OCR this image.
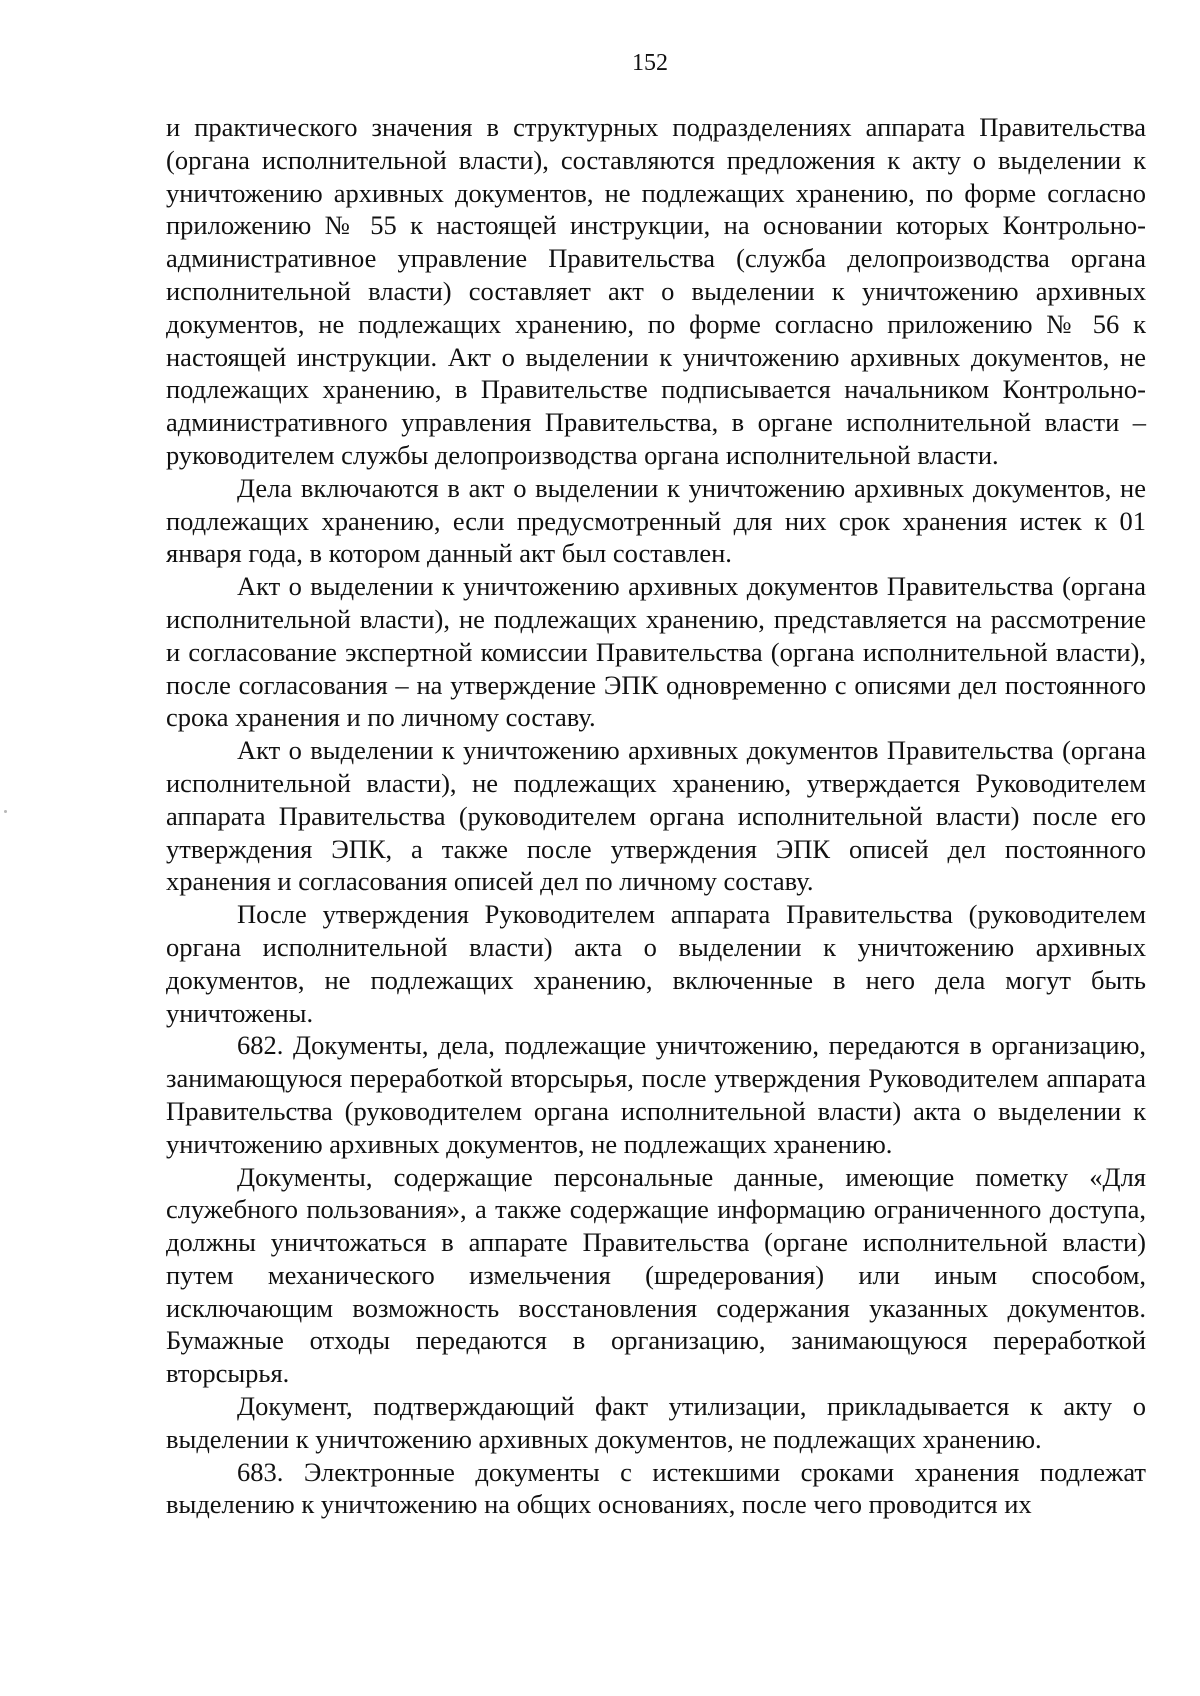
152

и практического значения в структурных подразделениях аппарата Правительства (органа исполнительной власти), составляются предложения к акту о выделении к уничтожению архивных документов, не подлежащих хранению, по форме согласно приложению № 55 к настоящей инструкции, на основании которых Контрольно-административное управление Правительства (служба делопроизводства органа исполнительной власти) составляет акт о выделении к уничтожению архивных документов, не подлежащих хранению, по форме согласно приложению № 56 к настоящей инструкции. Акт о выделении к уничтожению архивных документов, не подлежащих хранению, в Правительстве подписывается начальником Контрольно-административного управления Правительства, в органе исполнительной власти – руководителем службы делопроизводства органа исполнительной власти.

Дела включаются в акт о выделении к уничтожению архивных документов, не подлежащих хранению, если предусмотренный для них срок хранения истек к 01 января года, в котором данный акт был составлен.

Акт о выделении к уничтожению архивных документов Правительства (органа исполнительной власти), не подлежащих хранению, представляется на рассмотрение и согласование экспертной комиссии Правительства (органа исполнительной власти), после согласования – на утверждение ЭПК одновременно с описями дел постоянного срока хранения и по личному составу.

Акт о выделении к уничтожению архивных документов Правительства (органа исполнительной власти), не подлежащих хранению, утверждается Руководителем аппарата Правительства (руководителем органа исполнительной власти) после его утверждения ЭПК, а также после утверждения ЭПК описей дел постоянного хранения и согласования описей дел по личному составу.

После утверждения Руководителем аппарата Правительства (руководителем органа исполнительной власти) акта о выделении к уничтожению архивных документов, не подлежащих хранению, включенные в него дела могут быть уничтожены.

682. Документы, дела, подлежащие уничтожению, передаются в организацию, занимающуюся переработкой вторсырья, после утверждения Руководителем аппарата Правительства (руководителем органа исполнительной власти) акта о выделении к уничтожению архивных документов, не подлежащих хранению.

Документы, содержащие персональные данные, имеющие пометку «Для служебного пользования», а также содержащие информацию ограниченного доступа, должны уничтожаться в аппарате Правительства (органе исполнительной власти) путем механического измельчения (шредерования) или иным способом, исключающим возможность восстановления содержания указанных документов. Бумажные отходы передаются в организацию, занимающуюся переработкой вторсырья.

Документ, подтверждающий факт утилизации, прикладывается к акту о выделении к уничтожению архивных документов, не подлежащих хранению.

683. Электронные документы с истекшими сроками хранения подлежат выделению к уничтожению на общих основаниях, после чего проводится их
